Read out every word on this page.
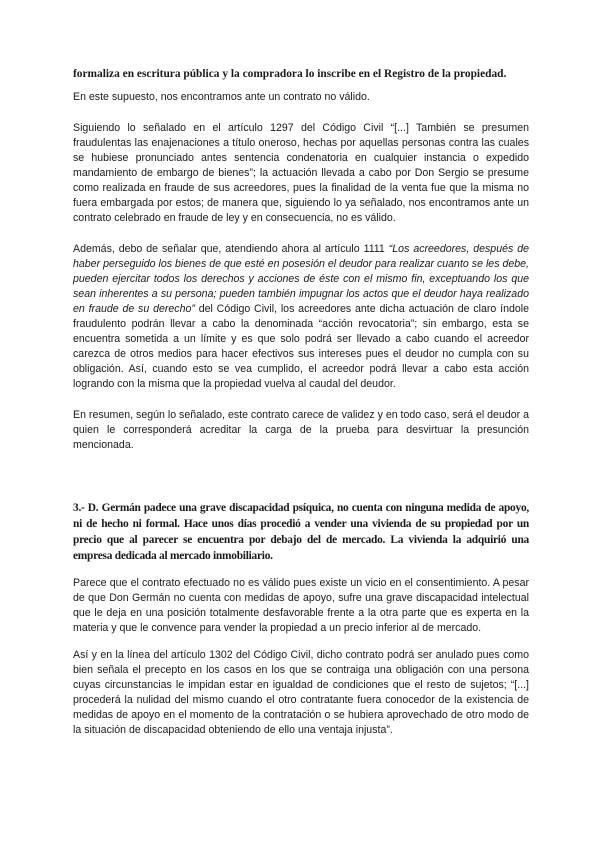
formaliza en escritura pública y la compradora lo inscribe en el Registro de la propiedad.

En este supuesto, nos encontramos ante un contrato no válido.

Siguiendo lo señalado en el artículo 1297 del Código Civil “[...] También se presumen fraudulentas las enajenaciones a título oneroso, hechas por aquellas personas contra las cuales se hubiese pronunciado antes sentencia condenatoria en cualquier instancia o expedido mandamiento de embargo de bienes”; la actuación llevada a cabo por Don Sergio se presume como realizada en fraude de sus acreedores, pues la finalidad de la venta fue que la misma no fuera embargada por estos; de manera que, siguiendo lo ya señalado, nos encontramos ante un contrato celebrado en fraude de ley y en consecuencia, no es válido.

Además, debo de señalar que, atendiendo ahora al artículo 1111 “Los acreedores, después de haber perseguido los bienes de que esté en posesión el deudor para realizar cuanto se les debe, pueden ejercitar todos los derechos y acciones de éste con el mismo fin, exceptuando los que sean inherentes a su persona; pueden también impugnar los actos que el deudor haya realizado en fraude de su derecho” del Código Civil, los acreedores ante dicha actuación de claro índole fraudulento podrán llevar a cabo la denominada “acción revocatoria”; sin embargo, esta se encuentra sometida a un límite y es que solo podrá ser llevado a cabo cuando el acreedor carezca de otros medios para hacer efectivos sus intereses pues el deudor no cumpla con su obligación. Así, cuando esto se vea cumplido, el acreedor podrá llevar a cabo esta acción logrando con la misma que la propiedad vuelva al caudal del deudor.

En resumen, según lo señalado, este contrato carece de validez y en todo caso, será el deudor a quien le corresponderá acreditar la carga de la prueba para desvirtuar la presunción mencionada.

3.- D. Germán padece una grave discapacidad psíquica, no cuenta con ninguna medida de apoyo, ni de hecho ni formal. Hace unos días procedió a vender una vivienda de su propiedad por un precio que al parecer se encuentra por debajo del de mercado. La vivienda la adquirió una empresa dedicada al mercado inmobiliario.

Parece que el contrato efectuado no es válido pues existe un vicio en el consentimiento. A pesar de que Don Germán no cuenta con medidas de apoyo, sufre una grave discapacidad intelectual que le deja en una posición totalmente desfavorable frente a la otra parte que es experta en la materia y que le convence para vender la propiedad a un precio inferior al de mercado.

Así y en la línea del artículo 1302 del Código Civil, dicho contrato podrá ser anulado pues como bien señala el precepto en los casos en los que se contraiga una obligación con una persona cuyas circunstancias le impidan estar en igualdad de condiciones que el resto de sujetos; “[...] procederá la nulidad del mismo cuando el otro contratante fuera conocedor de la existencia de medidas de apoyo en el momento de la contratación o se hubiera aprovechado de otro modo de la situación de discapacidad obteniendo de ello una ventaja injusta”.
